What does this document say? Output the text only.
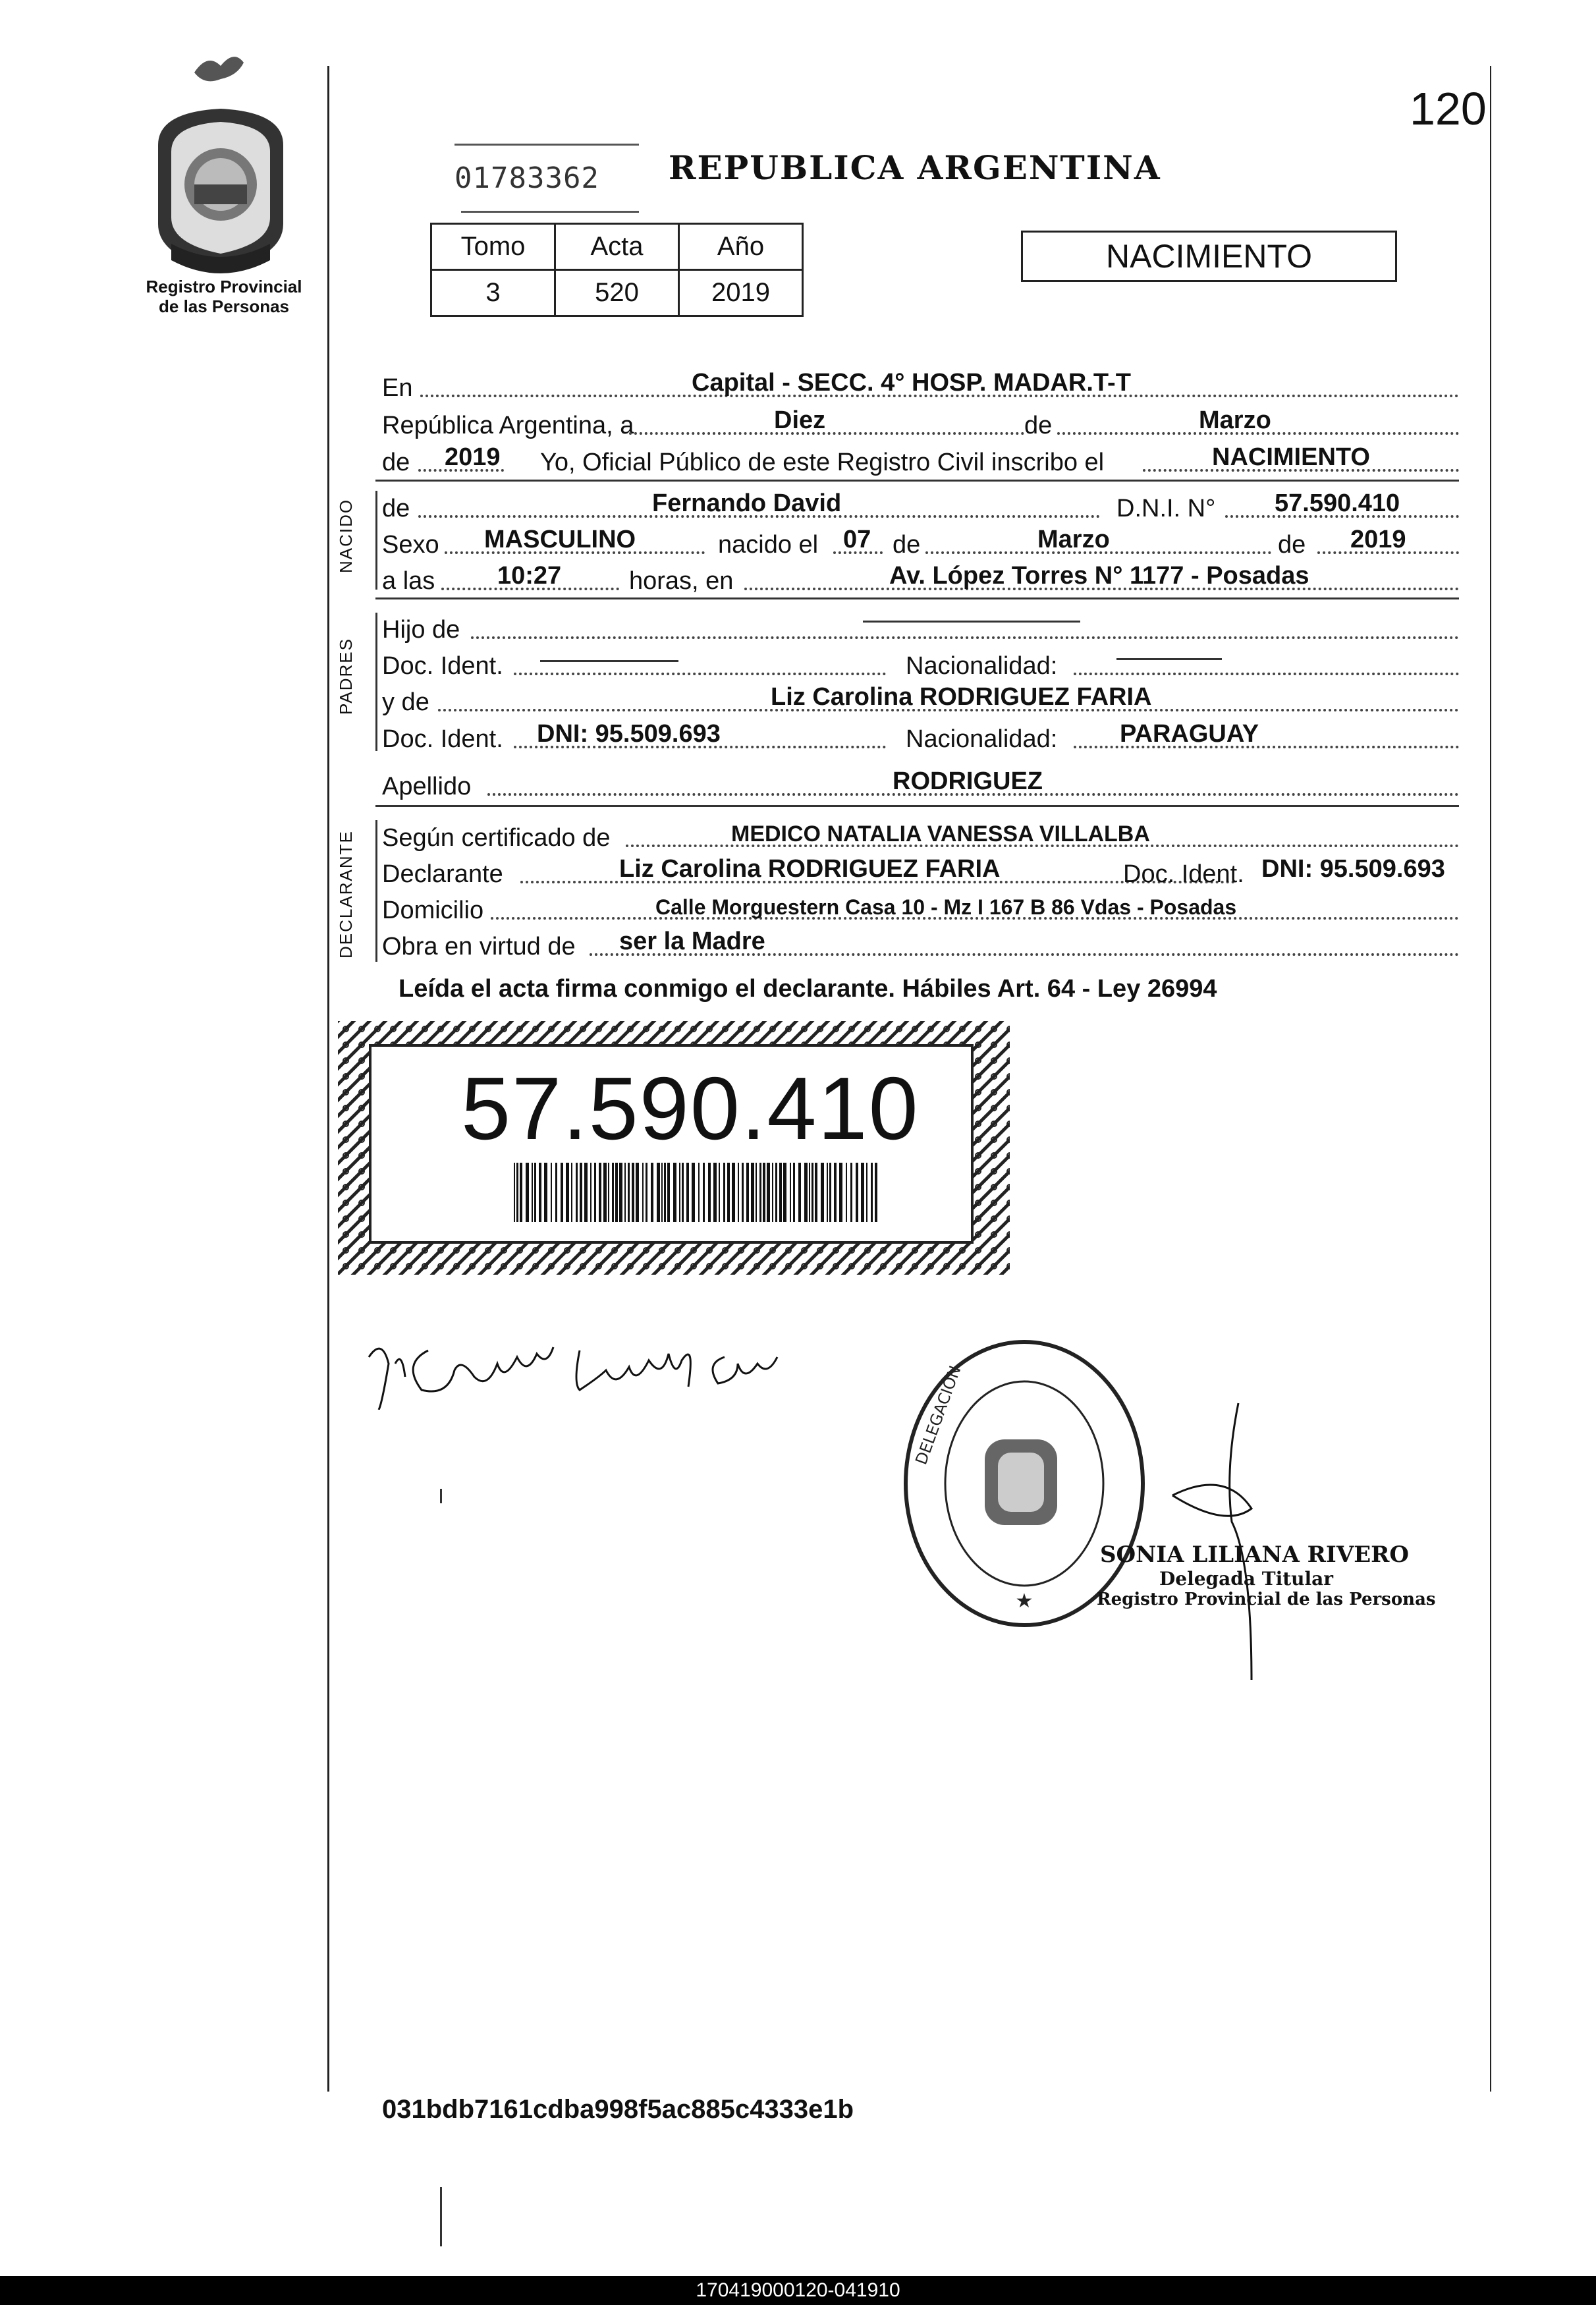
Registro Provincial
de las Personas
01783362 REPUBLICA ARGENTINA
120
Tomo	Acta	Año
3	520	2019
NACIMIENTO
En	Capital - SECC. 4° HOSP. MADAR.T-T
República Argentina, a	Diez	de	Marzo
de 2019 Yo, Oficial Público de este Registro Civil inscribo el	NACIMIENTO
NACIDO de	Fernando David	D.N.I. N° 57.590.410
Sexo MASCULINO	nacido el 07 de	Marzo	de 2019
a las 10:27	horas, en	Av. López Torres N° 1177 - Posadas
PADRES
Hijo de
Doc. Ident.	Nacionalidad:
y de	Liz Carolina RODRIGUEZ FARIA
Doc. Ident. DNI: 95.509.693	Nacionalidad: PARAGUAY
Apellido	RODRIGUEZ
DECLARANTE Según certificado de	MEDICO NATALIA VANESSA VILLALBA
Declarante	Liz Carolina RODRIGUEZ FARIA	Doc. Ident. DNI: 95.509.693
Domicilio	Calle Morguestern Casa 10 - Mz I 167 B 86 Vdas - Posadas
Obra en virtud de ser la Madre
Leída el acta firma conmigo el declarante. Hábiles Art. 64 - Ley 26994
57.590.410
★
DELEGACIÓN
SONIA LILIANA RIVERO
Delegada Titular
Registro Provincial de las Personas
031bdb7161cdba998f5ac885c4333e1b
170419000120-041910
